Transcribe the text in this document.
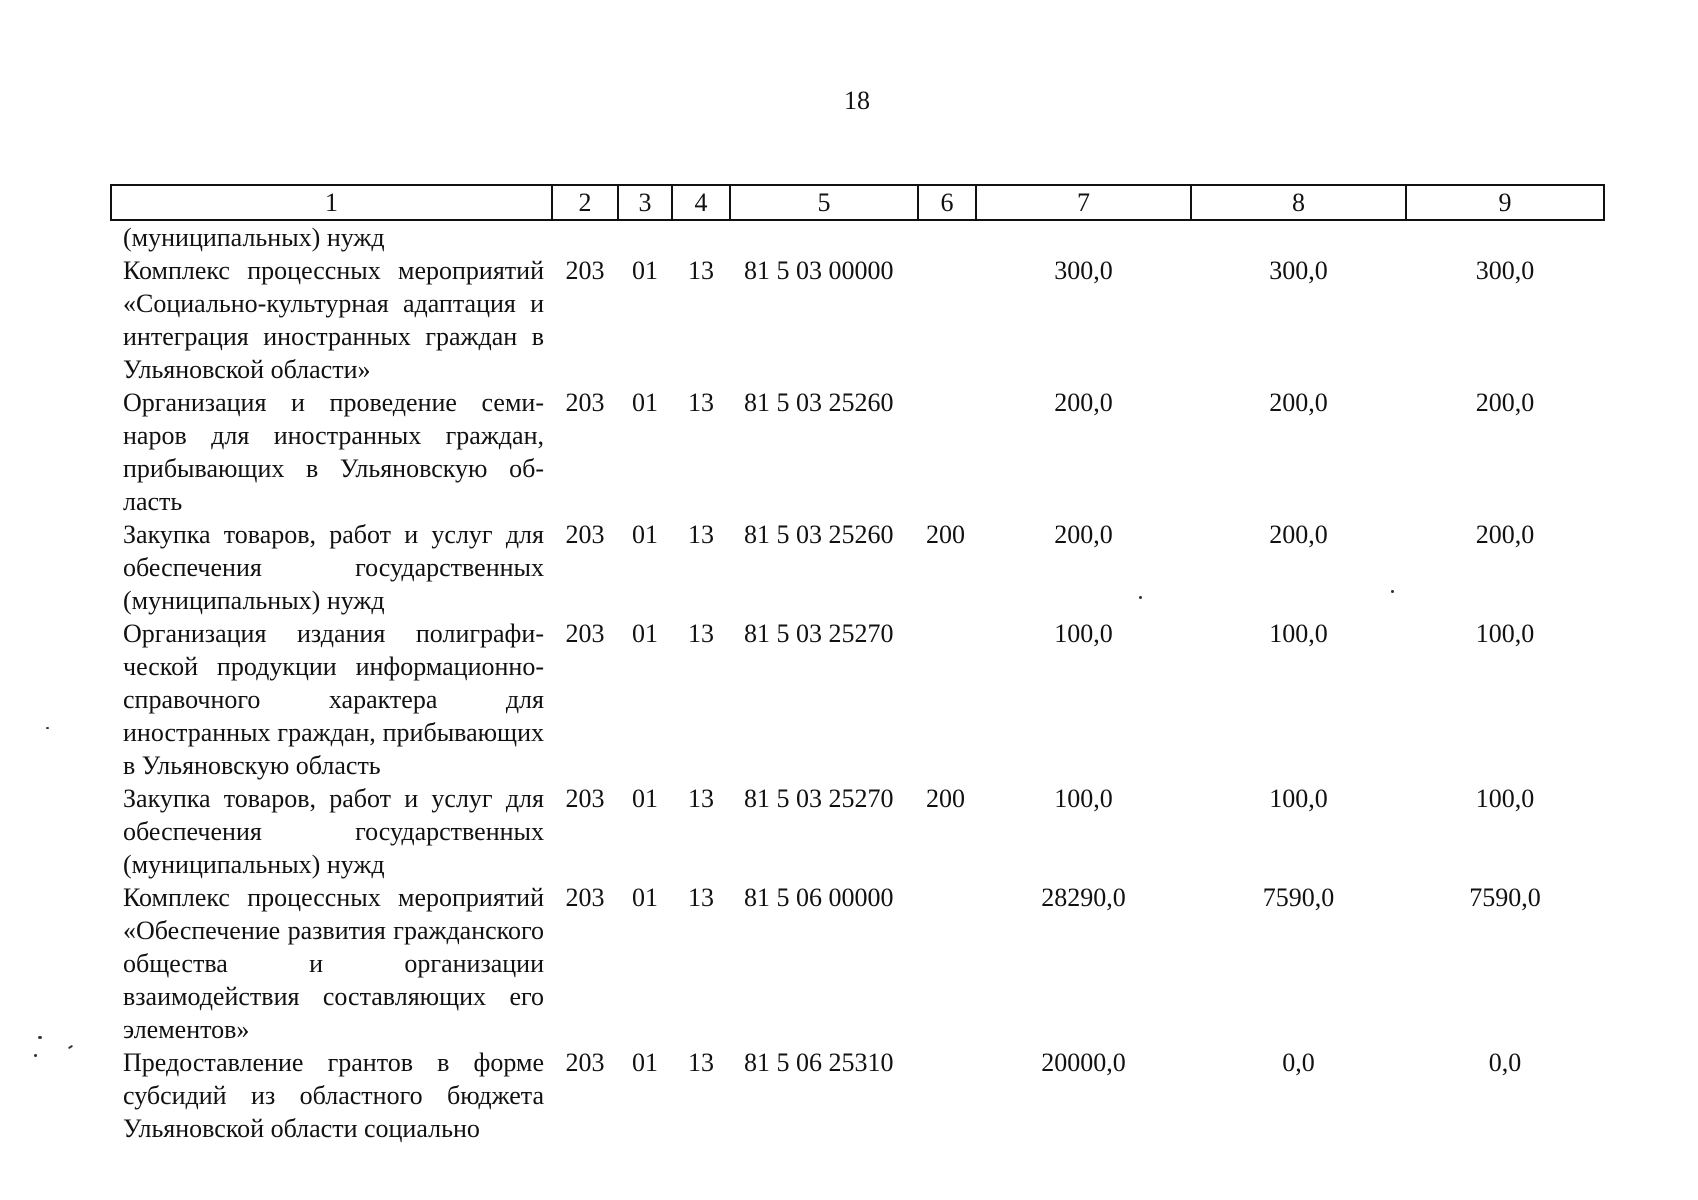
18
1	2	3	4	5	6	7	8	9
(муниципальных) нужд								
Комплекс процессных мероприятий «Социально-культурная адаптация и интеграция иностранных граждан в Ульяновской области»	203	01	13	81 5 03 00000		300,0	300,0	300,0
Организация и проведение семинаров для иностранных граждан, прибывающих в Ульяновскую область	203	01	13	81 5 03 25260		200,0	200,0	200,0
Закупка товаров, работ и услуг для обеспечения государственных (муниципальных) нужд	203	01	13	81 5 03 25260	200	200,0	200,0	200,0
Организация издания полиграфической продукции информационно-справочного характера для иностранных граждан, прибывающих в Ульяновскую область	203	01	13	81 5 03 25270		100,0	100,0	100,0
Закупка товаров, работ и услуг для обеспечения государственных (муниципальных) нужд	203	01	13	81 5 03 25270	200	100,0	100,0	100,0
Комплекс процессных мероприятий «Обеспечение развития гражданского общества и организации взаимодействия составляющих его элементов»	203	01	13	81 5 06 00000		28290,0	7590,0	7590,0
Предоставление грантов в форме субсидий из областного бюджета Ульяновской области социально	203	01	13	81 5 06 25310		20000,0	0,0	0,0
